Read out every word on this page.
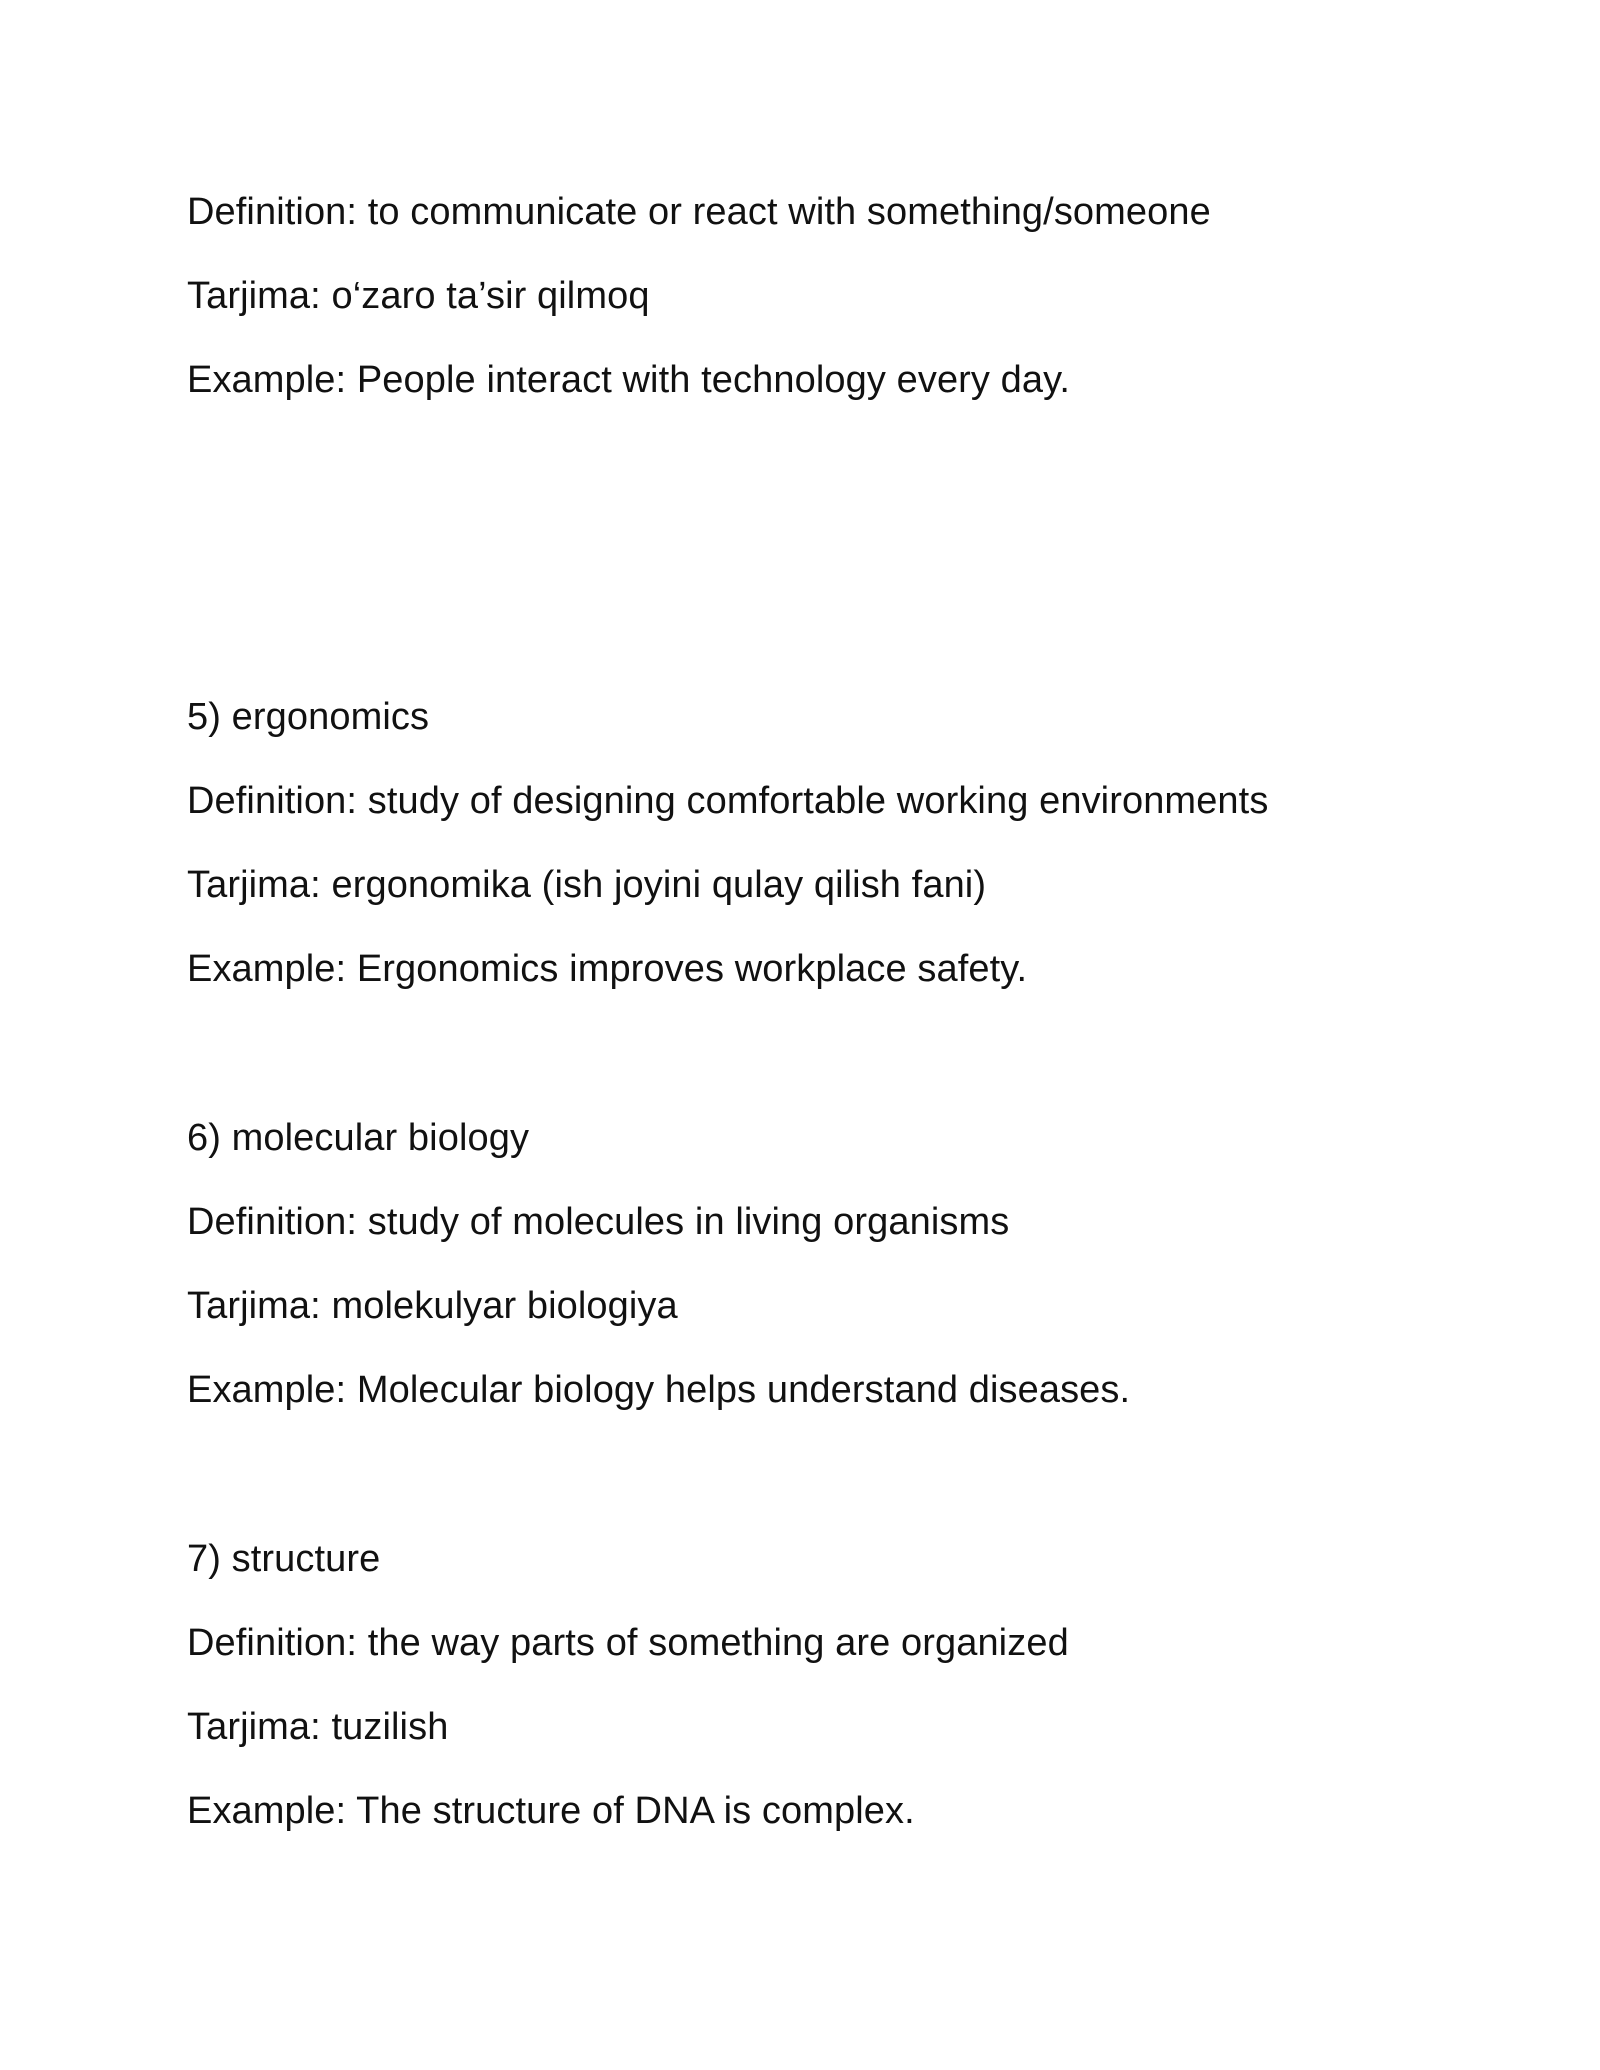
Definition: to communicate or react with something/someone

Tarjima: o‘zaro ta’sir qilmoq

Example: People interact with technology every day.

5) ergonomics

Definition: study of designing comfortable working environments

Tarjima: ergonomika (ish joyini qulay qilish fani)

Example: Ergonomics improves workplace safety.

6) molecular biology

Definition: study of molecules in living organisms

Tarjima: molekulyar biologiya

Example: Molecular biology helps understand diseases.

7) structure

Definition: the way parts of something are organized

Tarjima: tuzilish

Example: The structure of DNA is complex.
